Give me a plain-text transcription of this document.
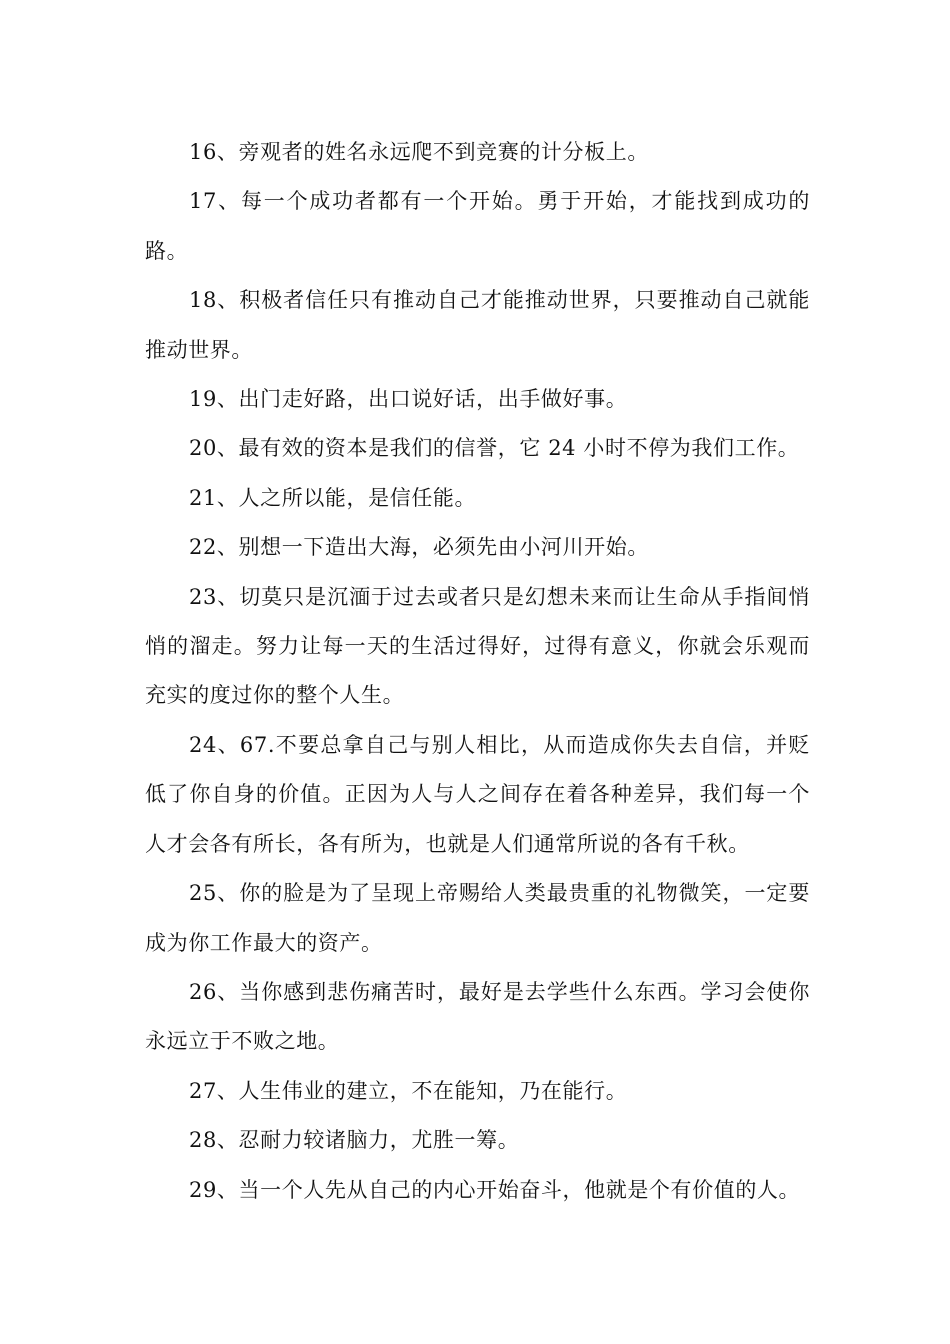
16、旁观者的姓名永远爬不到竞赛的计分板上。

17、每一个成功者都有一个开始。勇于开始，才能找到成功的路。

18、积极者信任只有推动自己才能推动世界，只要推动自己就能推动世界。

19、出门走好路，出口说好话，出手做好事。

20、最有效的资本是我们的信誉，它 24 小时不停为我们工作。

21、人之所以能，是信任能。

22、别想一下造出大海，必须先由小河川开始。

23、切莫只是沉湎于过去或者只是幻想未来而让生命从手指间悄悄的溜走。努力让每一天的生活过得好，过得有意义，你就会乐观而充实的度过你的整个人生。

24、67.不要总拿自己与别人相比，从而造成你失去自信，并贬低了你自身的价值。正因为人与人之间存在着各种差异，我们每一个人才会各有所长，各有所为，也就是人们通常所说的各有千秋。

25、你的脸是为了呈现上帝赐给人类最贵重的礼物微笑，一定要成为你工作最大的资产。

26、当你感到悲伤痛苦时，最好是去学些什么东西。学习会使你永远立于不败之地。

27、人生伟业的建立，不在能知，乃在能行。

28、忍耐力较诸脑力，尤胜一筹。

29、当一个人先从自己的内心开始奋斗，他就是个有价值的人。
